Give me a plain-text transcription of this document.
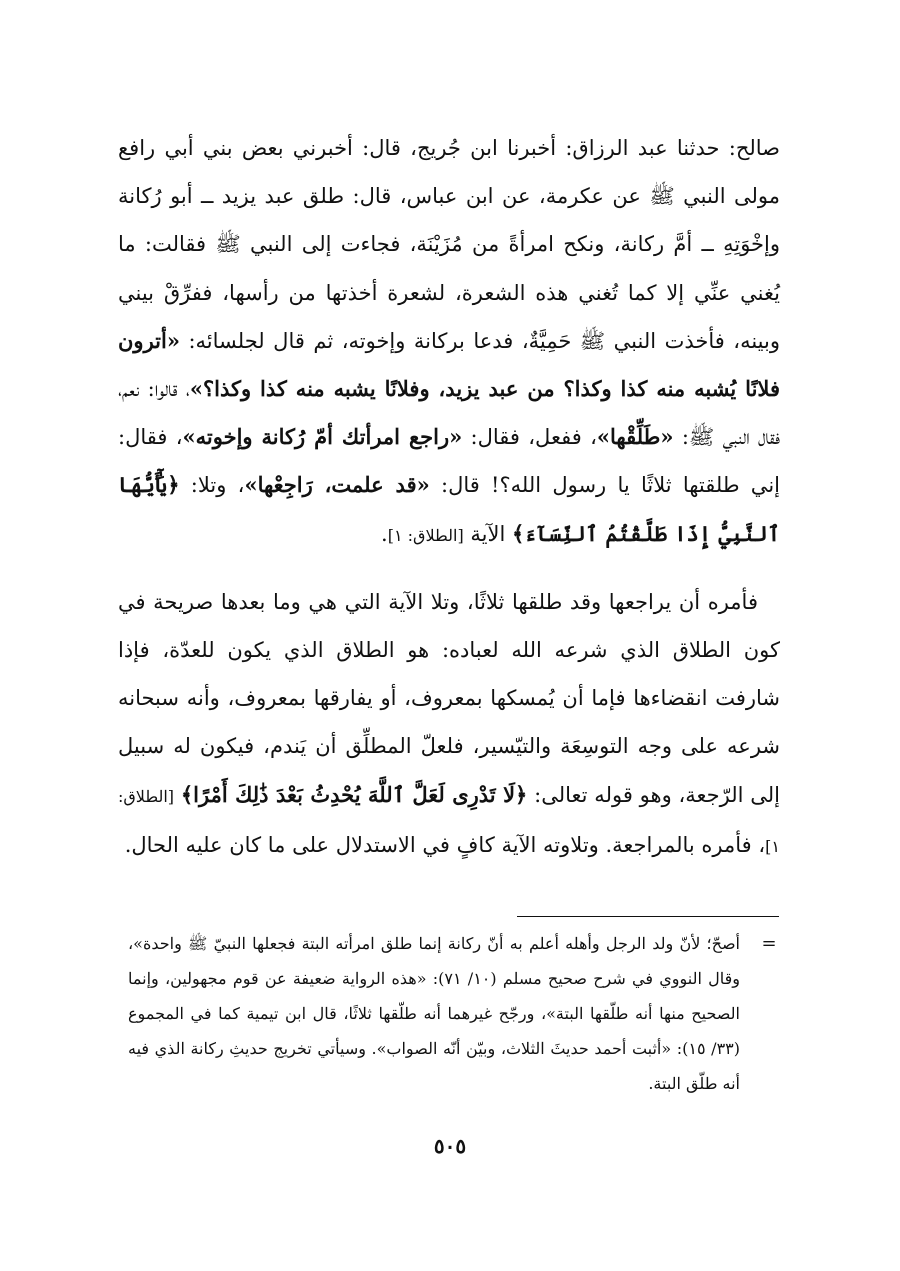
صالح: حدثنا عبد الرزاق: أخبرنا ابن جُريج، قال: أخبرني بعض بني أبي رافع مولى النبي ﷺ عن عكرمة، عن ابن عباس، قال: طلق عبد يزيد ــ أبو رُكانة وإخْوَتِهِ ــ أمَّ ركانة، ونكح امرأةً من مُزَيْنَة، فجاءت إلى النبي ﷺ فقالت: ما يُغني عنِّي إلا كما تُغني هذه الشعرة، لشعرة أخذتها من رأسها، ففرِّقْ بيني وبينه، فأخذت النبي ﷺ حَمِيَّةٌ، فدعا بركانة وإخوته، ثم قال لجلسائه: «أترون فلانًا يُشبه منه كذا وكذا؟ من عبد يزيد، وفلانًا يشبه منه كذا وكذا؟»، قالوا: نعم، فقال النبي ﷺ: «طَلِّقْها»، ففعل، فقال: «راجع امرأتك أمّ رُكانة وإخوته»، فقال: إني طلقتها ثلاثًا يا رسول الله؟! قال: «قد علمت، رَاجِعْها»، وتلا: ﴿يَٰٓأَيُّهَا ٱلنَّبِيُّ إِذَا طَلَّقْتُمُ ٱلنِّسَآءَ﴾ الآية [الطلاق: ١].

فأمره أن يراجعها وقد طلقها ثلاثًا، وتلا الآية التي هي وما بعدها صريحة في كون الطلاق الذي شرعه الله لعباده: هو الطلاق الذي يكون للعدّة، فإذا شارفت انقضاءها فإما أن يُمسكها بمعروف، أو يفارقها بمعروف، وأنه سبحانه شرعه على وجه التوسِعَة والتيّسير، فلعلّ المطلِّق أن يَندم، فيكون له سبيل إلى الرّجعة، وهو قوله تعالى: ﴿لَا تَدْرِى لَعَلَّ ٱللَّهَ يُحْدِثُ بَعْدَ ذَٰلِكَ أَمْرًا﴾ [الطلاق: ١]، فأمره بالمراجعة. وتلاوته الآية كافٍ في الاستدلال على ما كان عليه الحال.

=
أصحّ؛ لأنّ ولد الرجل وأهله أعلم به أنّ ركانة إنما طلق امرأته البتة فجعلها النبيّ ﷺ واحدة»، وقال النووي في شرح صحيح مسلم (١٠/ ٧١): «هذه الرواية ضعيفة عن قوم مجهولين، وإنما الصحيح منها أنه طلّقها البتة»، ورجّح غيرهما أنه طلّقها ثلاثًا، قال ابن تيمية كما في المجموع (٣٣/ ١٥): «أثبت أحمد حديثَ الثلاث، وبيّن أنّه الصواب». وسيأتي تخريج حديثِ ركانة الذي فيه أنه طلّق البتة.
٥٠٥
